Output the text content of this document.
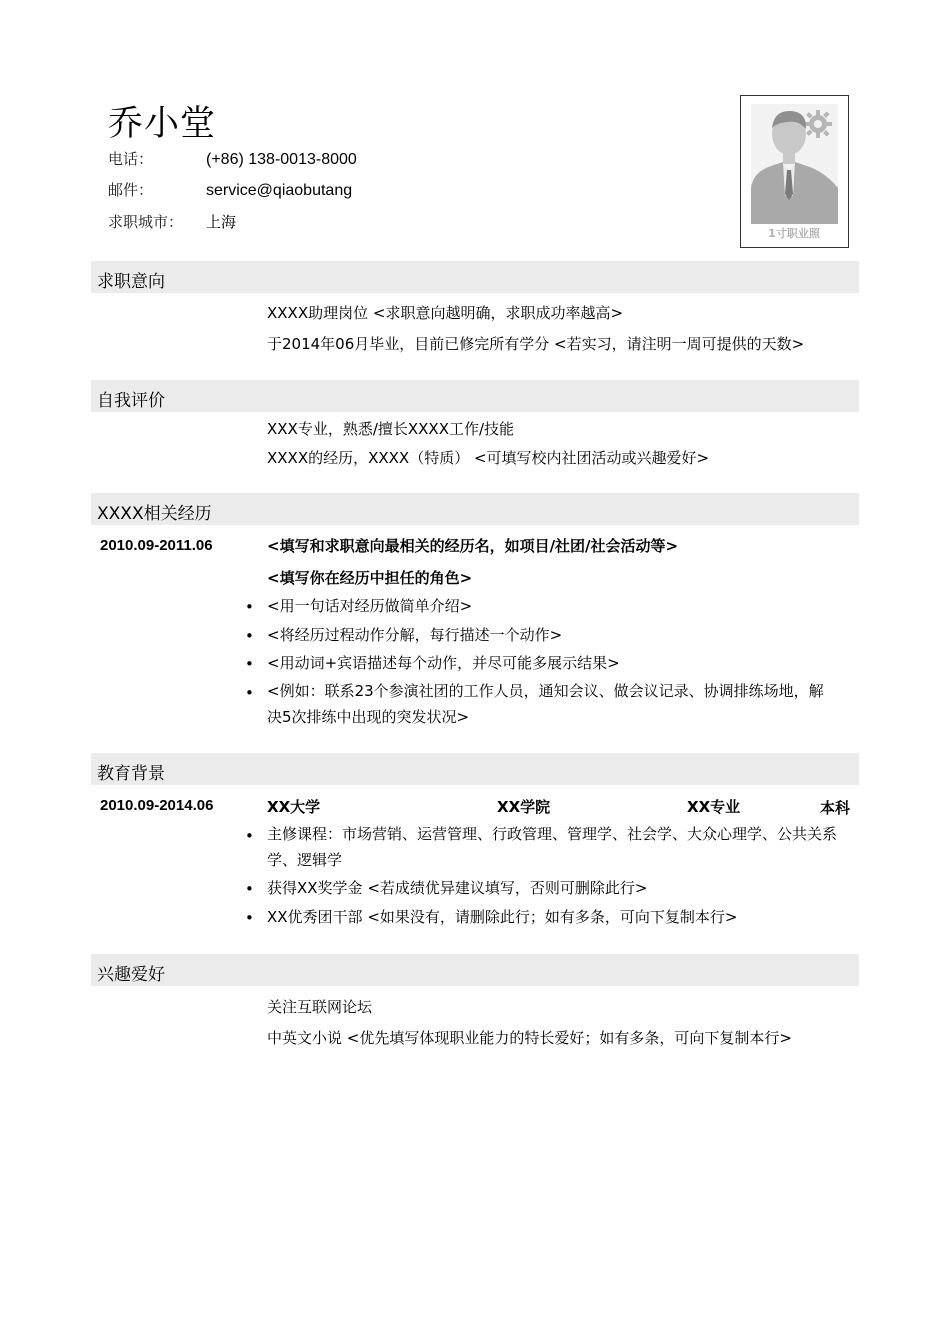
乔小堂
电话：	(+86) 138-0013-8000
邮件：	service@qiaobutang
求职城市： 上海
1寸职业照
求职意向
XXXX助理岗位 <求职意向越明确，求职成功率越高>
于2014年06月毕业，目前已修完所有学分 <若实习，请注明一周可提供的天数>
自我评价
XXX专业，熟悉/擅长XXXX工作/技能
XXXX的经历，XXXX（特质） <可填写校内社团活动或兴趣爱好>
XXXX相关经历
2010.09-2011.06	<填写和求职意向最相关的经历名，如项目/社团/社会活动等>
<填写你在经历中担任的角色>
• <用一句话对经历做简单介绍>
• <将经历过程动作分解，每行描述一个动作>
• <用动词+宾语描述每个动作，并尽可能多展示结果>
• <例如：联系23个参演社团的工作人员，通知会议、做会议记录、协调排练场地，解决5次排练中出现的突发状况>
教育背景
2010.09-2014.06	XX大学	XX学院	XX专业	本科
• 主修课程：市场营销、运营管理、行政管理、管理学、社会学、大众心理学、公共关系学、逻辑学
• 获得XX奖学金 <若成绩优异建议填写，否则可删除此行>
• XX优秀团干部 <如果没有，请删除此行；如有多条，可向下复制本行>
兴趣爱好
关注互联网论坛
中英文小说 <优先填写体现职业能力的特长爱好；如有多条，可向下复制本行>
